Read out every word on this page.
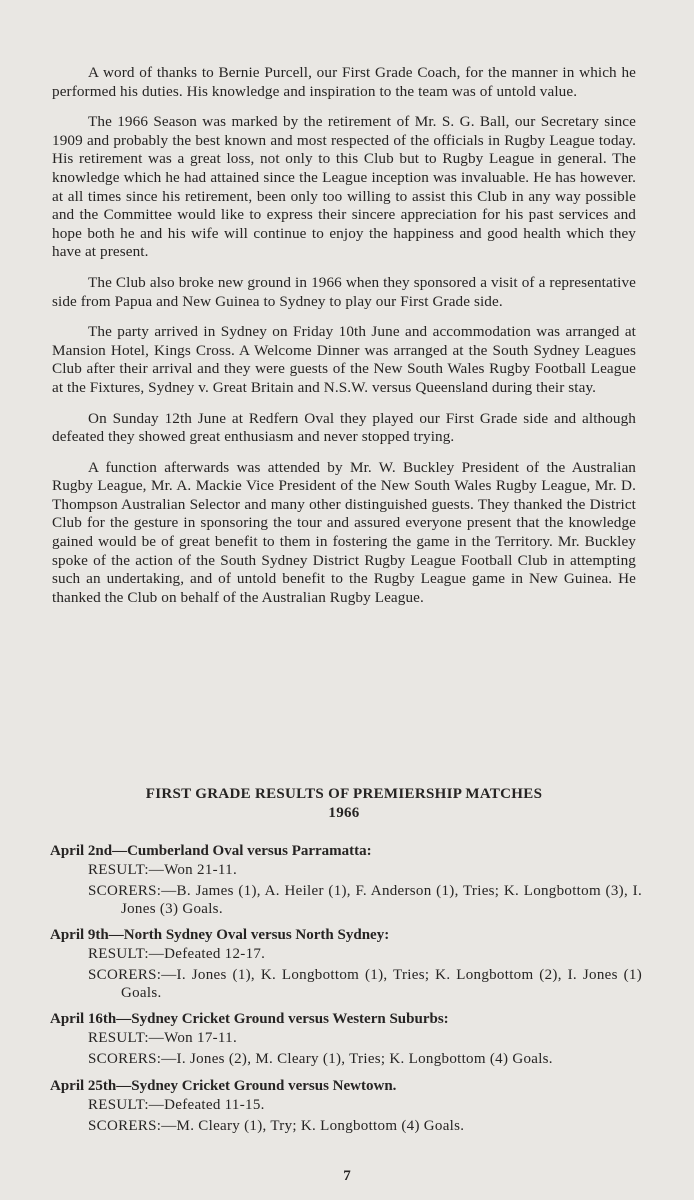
A word of thanks to Bernie Purcell, our First Grade Coach, for the manner in which he performed his duties. His knowledge and inspiration to the team was of untold value.

The 1966 Season was marked by the retirement of Mr. S. G. Ball, our Secretary since 1909 and probably the best known and most respected of the officials in Rugby League today. His retirement was a great loss, not only to this Club but to Rugby League in general. The knowledge which he had attained since the League inception was invaluable. He has however. at all times since his retirement, been only too willing to assist this Club in any way possible and the Committee would like to express their sincere appreciation for his past services and hope both he and his wife will continue to enjoy the happiness and good health which they have at present.

The Club also broke new ground in 1966 when they sponsored a visit of a representative side from Papua and New Guinea to Sydney to play our First Grade side.

The party arrived in Sydney on Friday 10th June and accommodation was arranged at Mansion Hotel, Kings Cross. A Welcome Dinner was arranged at the South Sydney Leagues Club after their arrival and they were guests of the New South Wales Rugby Football League at the Fixtures, Sydney v. Great Britain and N.S.W. versus Queensland during their stay.

On Sunday 12th June at Redfern Oval they played our First Grade side and although defeated they showed great enthusiasm and never stopped trying.

A function afterwards was attended by Mr. W. Buckley President of the Australian Rugby League, Mr. A. Mackie Vice President of the New South Wales Rugby League, Mr. D. Thompson Australian Selector and many other distinguished guests. They thanked the District Club for the gesture in sponsoring the tour and assured everyone present that the knowledge gained would be of great benefit to them in fostering the game in the Territory. Mr. Buckley spoke of the action of the South Sydney District Rugby League Football Club in attempting such an undertaking, and of untold benefit to the Rugby League game in New Guinea. He thanked the Club on behalf of the Australian Rugby League.

FIRST GRADE RESULTS OF PREMIERSHIP MATCHES
1966
April 2nd—Cumberland Oval versus Parramatta:
RESULT:—Won 21-11.
SCORERS:—B. James (1), A. Heiler (1), F. Anderson (1), Tries; K. Longbottom (3), I. Jones (3) Goals.
April 9th—North Sydney Oval versus North Sydney:
RESULT:—Defeated 12-17.
SCORERS:—I. Jones (1), K. Longbottom (1), Tries; K. Longbottom (2), I. Jones (1) Goals.
April 16th—Sydney Cricket Ground versus Western Suburbs:
RESULT:—Won 17-11.
SCORERS:—I. Jones (2), M. Cleary (1), Tries; K. Longbottom (4) Goals.
April 25th—Sydney Cricket Ground versus Newtown.
RESULT:—Defeated 11-15.
SCORERS:—M. Cleary (1), Try; K. Longbottom (4) Goals.
7
